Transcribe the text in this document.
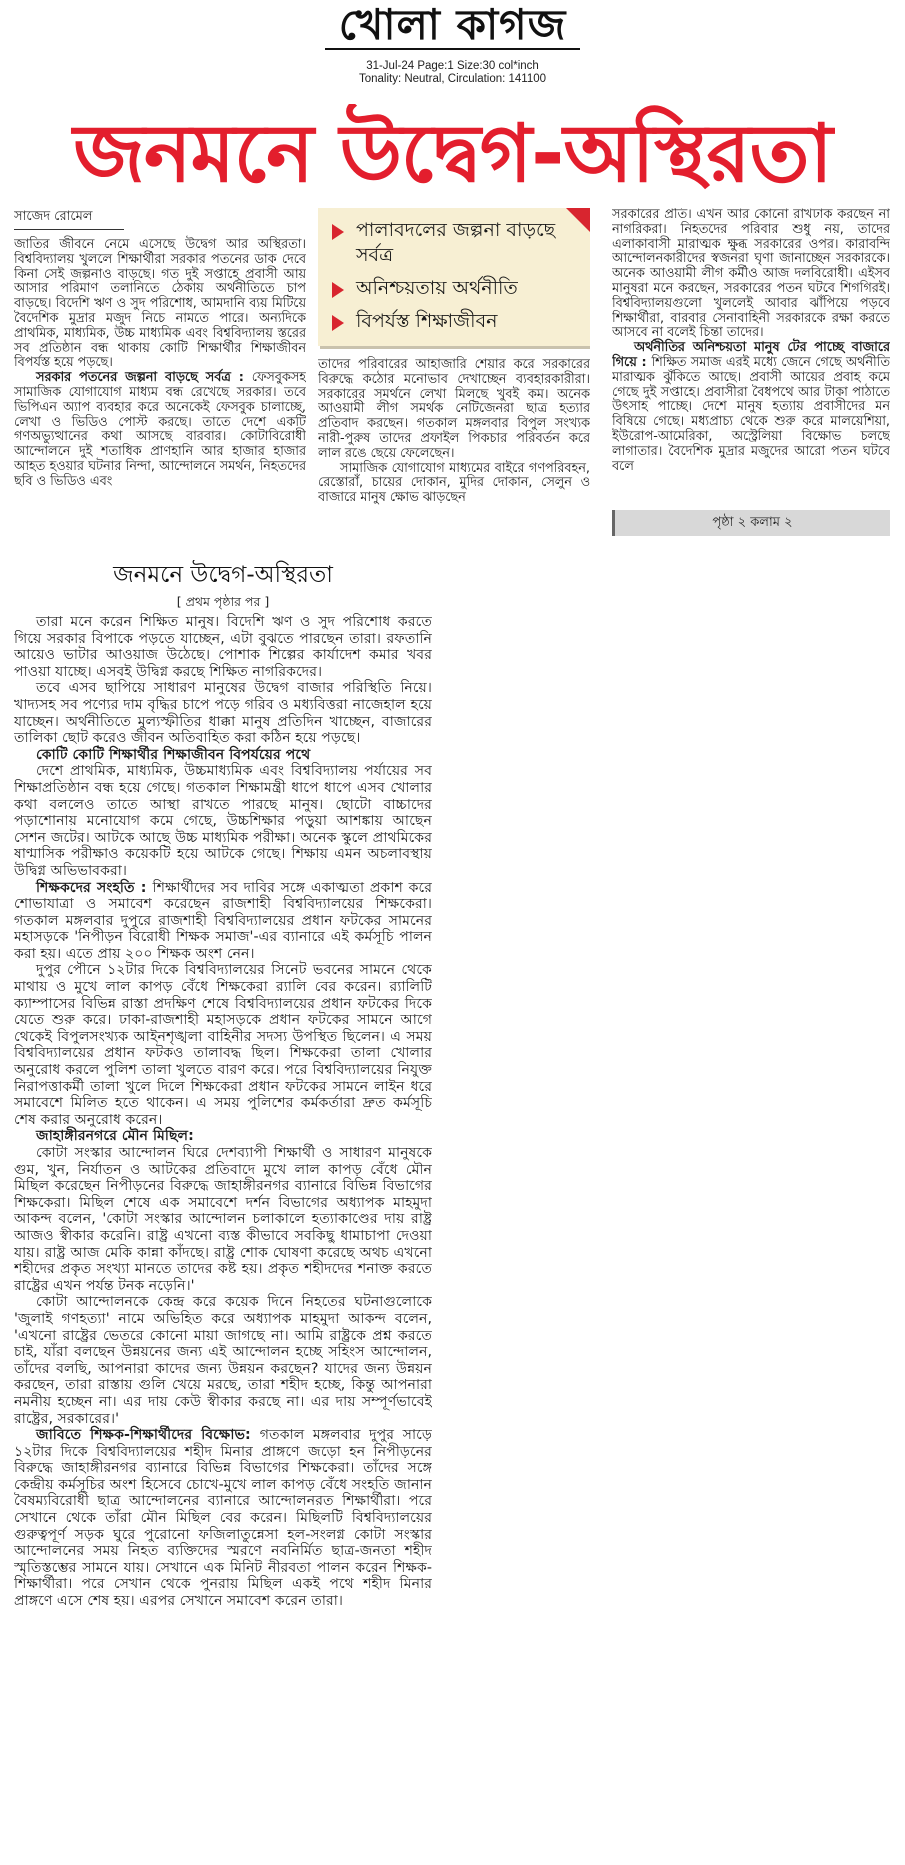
খোলা কাগজ
31-Jul-24 Page:1 Size:30 col*inch
Tonality: Neutral, Circulation: 141100
জনমনে উদ্বেগ-অস্থিরতা
সাজেদ রোমেল

জাতির জীবনে নেমে এসেছে উদ্বেগ আর অস্থিরতা। বিশ্ববিদ্যালয় খুললে শিক্ষার্থীরা সরকার পতনের ডাক দেবে কিনা সেই জল্পনাও বাড়ছে। গত দুই সপ্তাহে প্রবাসী আয় আসার পরিমাণ তলানিতে ঠেকায় অর্থনীতিতে চাপ বাড়ছে। বিদেশি ঋণ ও সুদ পরিশোধ, আমদানি ব্যয় মিটিয়ে বৈদেশিক মুদ্রার মজুদ নিচে নামতে পারে। অন্যদিকে প্রাথমিক, মাধ্যমিক, উচ্চ মাধ্যমিক এবং বিশ্ববিদ্যালয় স্তরের সব প্রতিষ্ঠান বন্ধ থাকায় কোটি শিক্ষার্থীর শিক্ষাজীবন বিপর্যস্ত হয়ে পড়ছে।

সরকার পতনের জল্পনা বাড়ছে সর্বত্র : ফেসবুকসহ সামাজিক যোগাযোগ মাধ্যম বন্ধ রেখেছে সরকার। তবে ভিপিএন অ্যাপ ব্যবহার করে অনেকেই ফেসবুক চালাচ্ছে, লেখা ও ভিডিও পোস্ট করছে। তাতে দেশে একটি গণঅভ্যুত্থানের কথা আসছে বারবার। কোটাবিরোধী আন্দোলনে দুই শতাধিক প্রাণহানি আর হাজার হাজার আহত হওয়ার ঘটনার নিন্দা, আন্দোলনে সমর্থন, নিহতদের ছবি ও ভিডিও এবং

পালাবদলের জল্পনা বাড়ছে সর্বত্র
অনিশ্চয়তায় অর্থনীতি
বিপর্যস্ত শিক্ষাজীবন

তাদের পরিবারের আহাজারি শেয়ার করে সরকারের বিরুদ্ধে কঠোর মনোভাব দেখাচ্ছেন ব্যবহারকারীরা। সরকারের সমর্থনে লেখা মিলছে খুবই কম। অনেক আওয়ামী লীগ সমর্থক নেটিজেনরা ছাত্র হত্যার প্রতিবাদ করছেন। গতকাল মঙ্গলবার বিপুল সংখ্যক নারী-পুরুষ তাদের প্রফাইল পিকচার পরিবর্তন করে লাল রঙে ছেয়ে ফেলেছেন।

সামাজিক যোগাযোগ মাধ্যমের বাইরে গণপরিবহন, রেস্তোরাঁ, চায়ের দোকান, মুদির দোকান, সেলুন ও বাজারে মানুষ ক্ষোভ ঝাড়ছেন

সরকারের প্রতি। এখন আর কোনো রাখঢাক করছেন না নাগরিকরা। নিহতদের পরিবার শুধু নয়, তাদের এলাকাবাসী মারাত্মক ক্ষুব্ধ সরকারের ওপর। কারাবন্দি আন্দোলনকারীদের স্বজনরা ঘৃণা জানাচ্ছেন সরকারকে। অনেক আওয়ামী লীগ কর্মীও আজ দলবিরোধী। এইসব মানুষরা মনে করছেন, সরকারের পতন ঘটবে শিগগিরই। বিশ্ববিদ্যালয়গুলো খুললেই আবার ঝাঁপিয়ে পড়বে শিক্ষার্থীরা, বারবার সেনাবাহিনী সরকারকে রক্ষা করতে আসবে না বলেই চিন্তা তাদের।

অর্থনীতির অনিশ্চয়তা মানুষ টের পাচ্ছে বাজারে গিয়ে : শিক্ষিত সমাজ এরই মধ্যে জেনে গেছে অর্থনীতি মারাত্মক ঝুঁকিতে আছে। প্রবাসী আয়ের প্রবাহ কমে গেছে দুই সপ্তাহে। প্রবাসীরা বৈধপথে আর টাকা পাঠাতে উৎসাহ পাচ্ছে। দেশে মানুষ হত্যায় প্রবাসীদের মন বিষিয়ে গেছে। মধ্যপ্রাচ্য থেকে শুরু করে মালয়েশিয়া, ইউরোপ-আমেরিকা, অস্ট্রেলিয়া বিক্ষোভ চলছে লাগাতার। বৈদেশিক মুদ্রার মজুদের আরো পতন ঘটবে বলে

পৃষ্ঠা ২ কলাম ২
জনমনে উদ্বেগ-অস্থিরতা
[ প্রথম পৃষ্ঠার পর ]

তারা মনে করেন শিক্ষিত মানুষ। বিদেশি ঋণ ও সুদ পরিশোধ করতে গিয়ে সরকার বিপাকে পড়তে যাচ্ছেন, এটা বুঝতে পারছেন তারা। রফতানি আয়েও ভাটার আওয়াজ উঠেছে। পোশাক শিল্পের কার্যাদেশ কমার খবর পাওয়া যাচ্ছে। এসবই উদ্বিগ্ন করছে শিক্ষিত নাগরিকদের।

তবে এসব ছাপিয়ে সাধারণ মানুষের উদ্বেগ বাজার পরিস্থিতি নিয়ে। খাদ্যসহ সব পণ্যের দাম বৃদ্ধির চাপে পড়ে গরিব ও মধ্যবিত্তরা নাজেহাল হয়ে যাচ্ছেন। অর্থনীতিতে মুল্যস্ফীতির ধাক্কা মানুষ প্রতিদিন খাচ্ছেন, বাজারের তালিকা ছোট করেও জীবন অতিবাহিত করা কঠিন হয়ে পড়ছে।

কোটি কোটি শিক্ষার্থীর শিক্ষাজীবন বিপর্যয়ের পথে

দেশে প্রাথমিক, মাধ্যমিক, উচ্চমাধ্যমিক এবং বিশ্ববিদ্যালয় পর্যায়ের সব শিক্ষাপ্রতিষ্ঠান বন্ধ হয়ে গেছে। গতকাল শিক্ষামন্ত্রী ধাপে ধাপে এসব খোলার কথা বললেও তাতে আস্থা রাখতে পারছে মানুষ। ছোটো বাচ্চাদের পড়াশোনায় মনোযোগ কমে গেছে, উচ্চশিক্ষার পড়ুয়া আশঙ্কায় আছেন সেশন জটের। আটকে আছে উচ্চ মাধ্যমিক পরীক্ষা। অনেক স্কুলে প্রাথমিকের ষাণ্মাসিক পরীক্ষাও কয়েকটি হয়ে আটকে গেছে। শিক্ষায় এমন অচলাবস্থায় উদ্বিগ্ন অভিভাবকরা।

শিক্ষকদের সংহতি : শিক্ষার্থীদের সব দাবির সঙ্গে একাত্মতা প্রকাশ করে শোভাযাত্রা ও সমাবেশ করেছেন রাজশাহী বিশ্ববিদ্যালয়ের শিক্ষকেরা। গতকাল মঙ্গলবার দুপুরে রাজশাহী বিশ্ববিদ্যালয়ের প্রধান ফটকের সামনের মহাসড়কে 'নিপীড়ন বিরোধী শিক্ষক সমাজ'-এর ব্যানারে এই কর্মসূচি পালন করা হয়। এতে প্রায় ২০০ শিক্ষক অংশ নেন।

দুপুর পৌনে ১২টার দিকে বিশ্ববিদ্যালয়ের সিনেট ভবনের সামনে থেকে মাথায় ও মুখে লাল কাপড় বেঁধে শিক্ষকেরা র‌্যালি বের করেন। র‌্যালিটি ক্যাম্পাসের বিভিন্ন রাস্তা প্রদক্ষিণ শেষে বিশ্ববিদ্যালয়ের প্রধান ফটকের দিকে যেতে শুরু করে। ঢাকা-রাজশাহী মহাসড়কে প্রধান ফটকের সামনে আগে থেকেই বিপুলসংখ্যক আইনশৃঙ্খলা বাহিনীর সদস্য উপস্থিত ছিলেন। এ সময় বিশ্ববিদ্যালয়ের প্রধান ফটকও তালাবদ্ধ ছিল। শিক্ষকেরা তালা খোলার অনুরোধ করলে পুলিশ তালা খুলতে বারণ করে। পরে বিশ্ববিদ্যালয়ের নিযুক্ত নিরাপত্তাকর্মী তালা খুলে দিলে শিক্ষকেরা প্রধান ফটকের সামনে লাইন ধরে সমাবেশে মিলিত হতে থাকেন। এ সময় পুলিশের কর্মকর্তারা দ্রুত কর্মসূচি শেষ করার অনুরোধ করেন।

জাহাঙ্গীরনগরে মৌন মিছিল:

কোটা সংস্কার আন্দোলন ঘিরে দেশব্যাপী শিক্ষার্থী ও সাধারণ মানুষকে গুম, খুন, নির্যাতন ও আটকের প্রতিবাদে মুখে লাল কাপড় বেঁধে মৌন মিছিল করেছেন নিপীড়নের বিরুদ্ধে জাহাঙ্গীরনগর ব্যানারে বিভিন্ন বিভাগের শিক্ষকেরা। মিছিল শেষে এক সমাবেশে দর্শন বিভাগের অধ্যাপক মাহমুদা আকন্দ বলেন, 'কোটা সংস্কার আন্দোলন চলাকালে হত্যাকাণ্ডের দায় রাষ্ট্র আজও স্বীকার করেনি। রাষ্ট্র এখনো ব্যস্ত কীভাবে সবকিছু ধামাচাপা দেওয়া যায়। রাষ্ট্র আজ মেকি কান্না কাঁদছে। রাষ্ট্র শোক ঘোষণা করেছে অথচ এখনো শহীদের প্রকৃত সংখ্যা মানতে তাদের কষ্ট হয়। প্রকৃত শহীদদের শনাক্ত করতে রাষ্ট্রের এখন পর্যন্ত টনক নড়েনি।'

কোটা আন্দোলনকে কেন্দ্র করে কয়েক দিনে নিহতের ঘটনাগুলোকে 'জুলাই গণহত্যা' নামে অভিহিত করে অধ্যাপক মাহমুদা আকন্দ বলেন, 'এখনো রাষ্ট্রের ভেতরে কোনো মায়া জাগছে না। আমি রাষ্ট্রকে প্রশ্ন করতে চাই, যাঁরা বলছেন উন্নয়নের জন্য এই আন্দোলন হচ্ছে সহিংস আন্দোলন, তাঁদের বলছি, আপনারা কাদের জন্য উন্নয়ন করছেন? যাদের জন্য উন্নয়ন করছেন, তারা রাস্তায় গুলি খেয়ে মরছে, তারা শহীদ হচ্ছে, কিন্তু আপনারা নমনীয় হচ্ছেন না। এর দায় কেউ স্বীকার করছে না। এর দায় সম্পূর্ণভাবেই রাষ্ট্রের, সরকারের।'

জাবিতে শিক্ষক-শিক্ষার্থীদের বিক্ষোভ: গতকাল মঙ্গলবার দুপুর সাড়ে ১২টার দিকে বিশ্ববিদ্যালয়ের শহীদ মিনার প্রাঙ্গণে জড়ো হন নিপীড়নের বিরুদ্ধে জাহাঙ্গীরনগর ব্যানারে বিভিন্ন বিভাগের শিক্ষকেরা। তাঁদের সঙ্গে কেন্দ্রীয় কর্মসূচির অংশ হিসেবে চোখে-মুখে লাল কাপড় বেঁধে সংহতি জানান বৈষম্যবিরোধী ছাত্র আন্দোলনের ব্যানারে আন্দোলনরত শিক্ষার্থীরা। পরে সেখানে থেকে তাঁরা মৌন মিছিল বের করেন। মিছিলটি বিশ্ববিদ্যালয়ের গুরুত্বপূর্ণ সড়ক ঘুরে পুরোনো ফজিলাতুন্নেসা হল-সংলগ্ন কোটা সংস্কার আন্দোলনের সময় নিহত ব্যক্তিদের স্মরণে নবনির্মিত ছাত্র-জনতা শহীদ স্মৃতিস্তম্ভের সামনে যায়। সেখানে এক মিনিট নীরবতা পালন করেন শিক্ষক-শিক্ষার্থীরা। পরে সেখান থেকে পুনরায় মিছিল একই পথে শহীদ মিনার প্রাঙ্গণে এসে শেষ হয়। এরপর সেখানে সমাবেশ করেন তারা।
